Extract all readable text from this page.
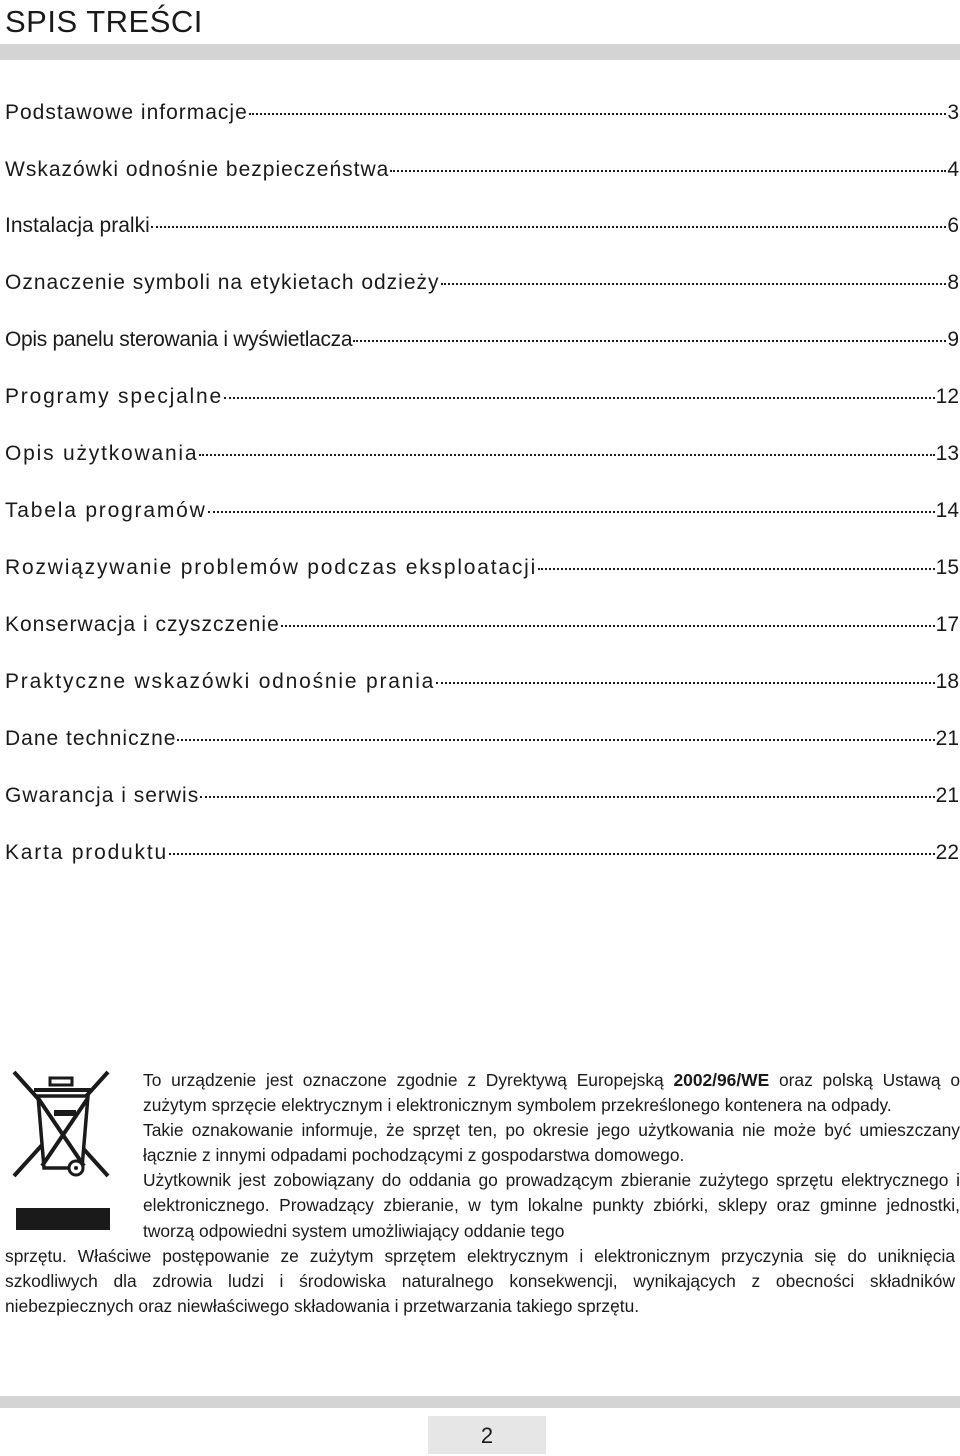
SPIS TREŚCI
Podstawowe informacje	3
Wskazówki odnośnie bezpieczeństwa	4
Instalacja pralki	6
Oznaczenie symboli na etykietach odzieży	8
Opis panelu sterowania i wyświetlacza	9
Programy specjalne	12
Opis użytkowania	13
Tabela programów	14
Rozwiązywanie problemów podczas eksploatacji	15
Konserwacja i czyszczenie	17
Praktyczne wskazówki odnośnie prania	18
Dane techniczne	21
Gwarancja i serwis	21
Karta produktu	22

To urządzenie jest oznaczone zgodnie z Dyrektywą Europejską 2002/96/WE oraz polską Ustawą o zużytym sprzęcie elektrycznym i elektronicznym symbolem przekreślonego kontenera na odpady.

Takie oznakowanie informuje, że sprzęt ten, po okresie jego użytkowania nie może być umieszczany łącznie z innymi odpadami pochodzącymi z gospodarstwa domowego.

Użytkownik jest zobowiązany do oddania go prowadzącym zbieranie zużytego sprzętu elektrycznego i elektronicznego. Prowadzący zbieranie, w tym lokalne punkty zbiórki, sklepy oraz gminne jednostki, tworzą odpowiedni system umożliwiający oddanie tego

sprzętu. Właściwe postępowanie ze zużytym sprzętem elektrycznym i elektronicznym przyczynia się do uniknięcia szkodliwych dla zdrowia ludzi i środowiska naturalnego konsekwencji, wynikających z obecności składników niebezpiecznych oraz niewłaściwego składowania i przetwarzania takiego sprzętu.

2
